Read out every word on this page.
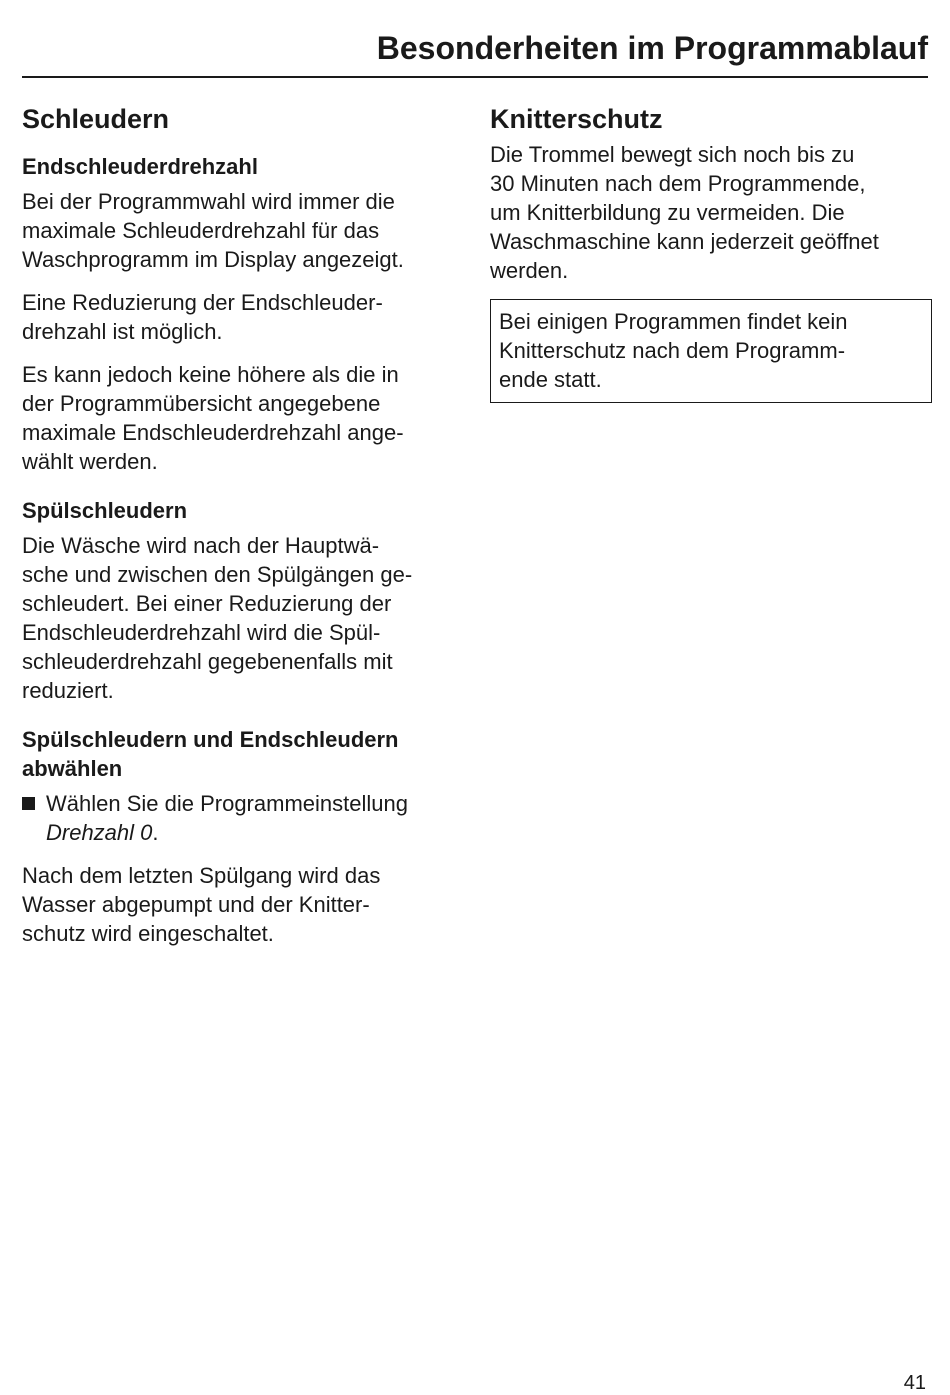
Besonderheiten im Programmablauf
Schleudern
Endschleuderdrehzahl

Bei der Programmwahl wird immer die
maximale Schleuderdrehzahl für das
Waschprogramm im Display angezeigt.

Eine Reduzierung der Endschleuder-
drehzahl ist möglich.

Es kann jedoch keine höhere als die in
der Programmübersicht angegebene
maximale Endschleuderdrehzahl ange-
wählt werden.

Spülschleudern

Die Wäsche wird nach der Hauptwä-
sche und zwischen den Spülgängen ge-
schleudert. Bei einer Reduzierung der
Endschleuderdrehzahl wird die Spül-
schleuderdrehzahl gegebenenfalls mit
reduziert.

Spülschleudern und Endschleudern
abwählen
Wählen Sie die Programmeinstellung
Drehzahl 0.

Nach dem letzten Spülgang wird das
Wasser abgepumpt und der Knitter-
schutz wird eingeschaltet.

Knitterschutz

Die Trommel bewegt sich noch bis zu
30 Minuten nach dem Programmende,
um Knitterbildung zu vermeiden. Die
Waschmaschine kann jederzeit geöffnet
werden.

Bei einigen Programmen findet kein
Knitterschutz nach dem Programm-
ende statt.

41
